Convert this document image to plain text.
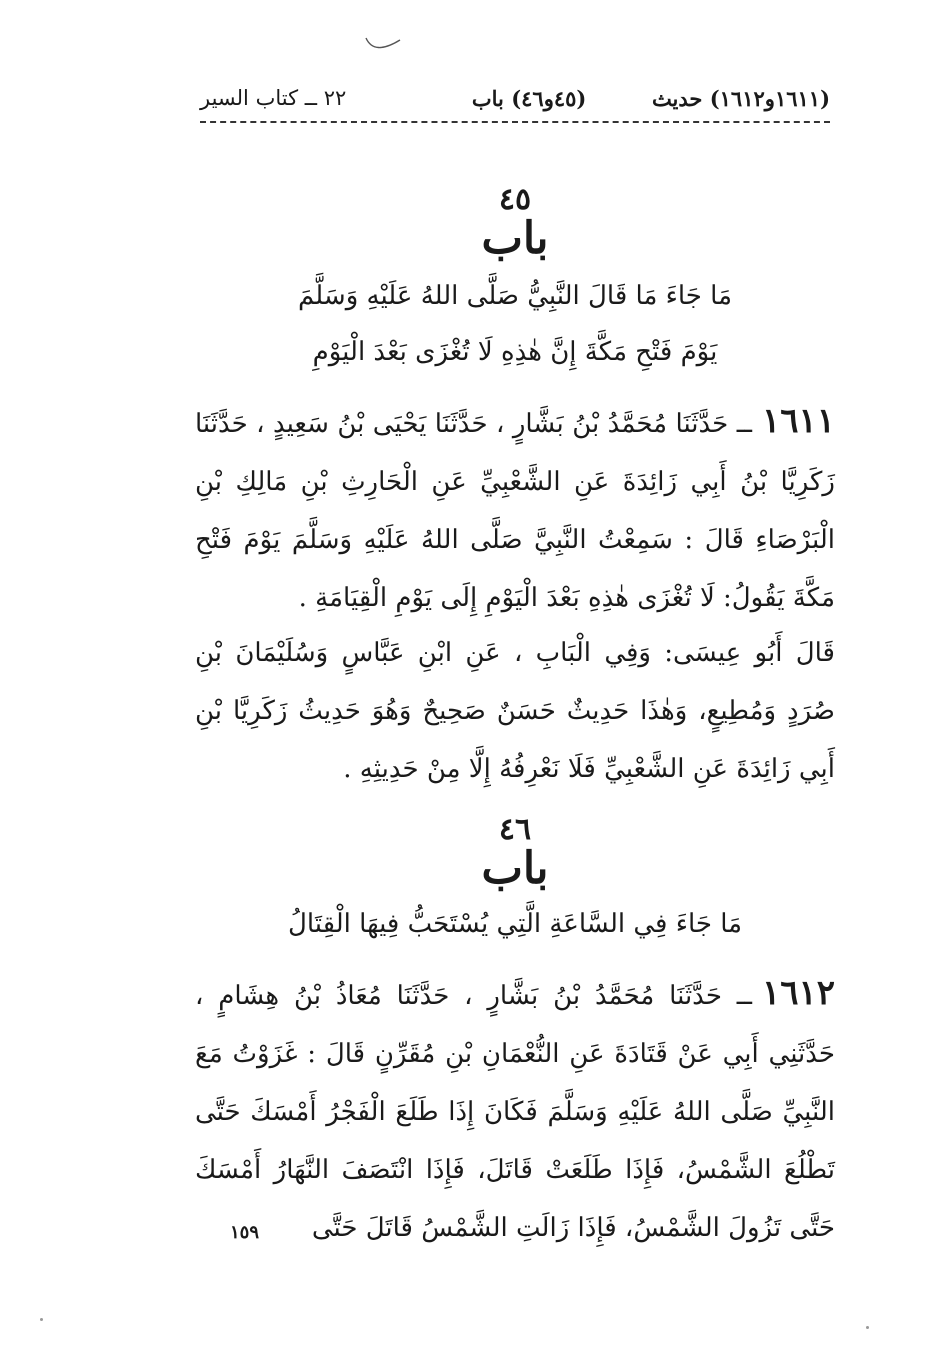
٢٢ ــ كتاب السير	(٤٥و٤٦) باب	(١٦١١و١٦١٢) حديث
٤٥
باب
مَا جَاءَ مَا قَالَ النَّبِيُّ صَلَّى اللهُ عَلَيْهِ وَسَلَّمَ
يَوْمَ فَتْحِ مَكَّةَ إِنَّ هٰذِهِ لَا تُغْزَى بَعْدَ الْيَوْمِ
١٦١١ــ حَدَّثَنَا مُحَمَّدُ بْنُ بَشَّارٍ ، حَدَّثَنَا يَحْيَى بْنُ سَعِيدٍ ، حَدَّثَنَا زَكَرِيَّا بْنُ أَبِي زَائِدَةَ عَنِ الشَّعْبِيِّ عَنِ الْحَارِثِ بْنِ مَالِكِ بْنِ الْبَرْصَاءِ قَالَ : سَمِعْتُ النَّبِيَّ صَلَّى اللهُ عَلَيْهِ وَسَلَّمَ يَوْمَ فَتْحِ مَكَّةَ يَقُولُ: لَا تُغْزَى هٰذِهِ بَعْدَ الْيَوْمِ إِلَى يَوْمِ الْقِيَامَةِ .
قَالَ أَبُو عِيسَى: وَفِي الْبَابِ ، عَنِ ابْنِ عَبَّاسٍ وَسُلَيْمَانَ بْنِ صُرَدٍ وَمُطِيعٍ، وَهٰذَا حَدِيثٌ حَسَنٌ صَحِيحٌ وَهُوَ حَدِيثُ زَكَرِيَّا بْنِ أَبِي زَائِدَةَ عَنِ الشَّعْبِيِّ فَلَا نَعْرِفُهُ إِلَّا مِنْ حَدِيثِهِ .
٤٦
باب
مَا جَاءَ فِي السَّاعَةِ الَّتِي يُسْتَحَبُّ فِيهَا الْقِتَالُ
١٦١٢ــ حَدَّثَنَا مُحَمَّدُ بْنُ بَشَّارٍ ، حَدَّثَنَا مُعَاذُ بْنُ هِشَامٍ ، حَدَّثَنِي أَبِي عَنْ قَتَادَةَ عَنِ النُّعْمَانِ بْنِ مُقَرِّنٍ قَالَ : غَزَوْتُ مَعَ النَّبِيِّ صَلَّى اللهُ عَلَيْهِ وَسَلَّمَ فَكَانَ إِذَا طَلَعَ الْفَجْرُ أَمْسَكَ حَتَّى تَطْلُعَ الشَّمْسُ، فَإِذَا طَلَعَتْ قَاتَلَ، فَإِذَا انْتَصَفَ النَّهَارُ أَمْسَكَ حَتَّى تَزُولَ الشَّمْسُ، فَإِذَا زَالَتِ الشَّمْسُ قَاتَلَ حَتَّى
١٥٩
